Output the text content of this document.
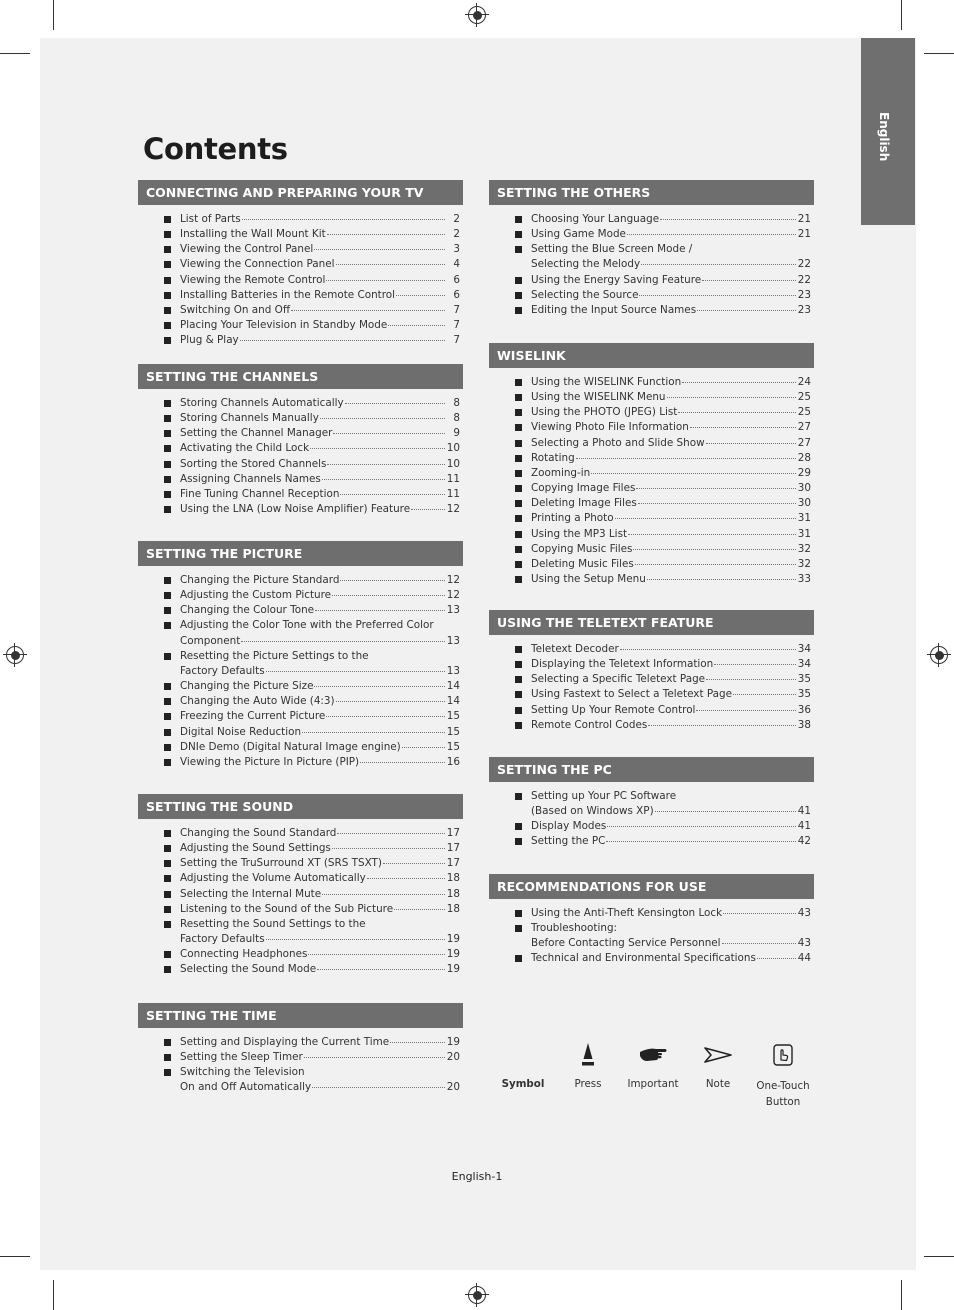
English
Contents
CONNECTING AND PREPARING YOUR TV
List of Parts	2
Installing the Wall Mount Kit	2
Viewing the Control Panel	3
Viewing the Connection Panel	4
Viewing the Remote Control	6
Installing Batteries in the Remote Control	6
Switching On and Off	7
Placing Your Television in Standby Mode	7
Plug & Play	7
SETTING THE CHANNELS
Storing Channels Automatically	8
Storing Channels Manually	8
Setting the Channel Manager	9
Activating the Child Lock	10
Sorting the Stored Channels	10
Assigning Channels Names	11
Fine Tuning Channel Reception	11
Using the LNA (Low Noise Amplifier) Feature	12
SETTING THE PICTURE
Changing the Picture Standard	12
Adjusting the Custom Picture	12
Changing the Colour Tone	13
Adjusting the Color Tone with the Preferred Color
Component	13
Resetting the Picture Settings to the
Factory Defaults	13
Changing the Picture Size	14
Changing the Auto Wide (4:3)	14
Freezing the Current Picture	15
Digital Noise Reduction	15
DNIe Demo (Digital Natural Image engine)	15
Viewing the Picture In Picture (PIP)	16
SETTING THE SOUND
Changing the Sound Standard	17
Adjusting the Sound Settings	17
Setting the TruSurround XT (SRS TSXT)	17
Adjusting the Volume Automatically	18
Selecting the Internal Mute	18
Listening to the Sound of the Sub Picture	18
Resetting the Sound Settings to the
Factory Defaults	19
Connecting Headphones	19
Selecting the Sound Mode	19
SETTING THE TIME
Setting and Displaying the Current Time	19
Setting the Sleep Timer	20
Switching the Television
On and Off Automatically	20
SETTING THE OTHERS
Choosing Your Language	21
Using Game Mode	21
Setting the Blue Screen Mode /
Selecting the Melody	22
Using the Energy Saving Feature	22
Selecting the Source	23
Editing the Input Source Names	23
WISELINK
Using the WISELINK Function	24
Using the WISELINK Menu	25
Using the PHOTO (JPEG) List	25
Viewing Photo File Information	27
Selecting a Photo and Slide Show	27
Rotating	28
Zooming-in	29
Copying Image Files	30
Deleting Image Files	30
Printing a Photo	31
Using the MP3 List	31
Copying Music Files	32
Deleting Music Files	32
Using the Setup Menu	33
USING THE TELETEXT FEATURE
Teletext Decoder	34
Displaying the Teletext Information	34
Selecting a Specific Teletext Page	35
Using Fastext to Select a Teletext Page	35
Setting Up Your Remote Control	36
Remote Control Codes	38
SETTING THE PC
Setting up Your PC Software
(Based on Windows XP)	41
Display Modes	41
Setting the PC	42
RECOMMENDATIONS FOR USE
Using the Anti-Theft Kensington Lock	43
Troubleshooting:
Before Contacting Service Personnel	43
Technical and Environmental Specifications	44
Symbol	Press	Important	Note	One-Touch
Button
English-1
